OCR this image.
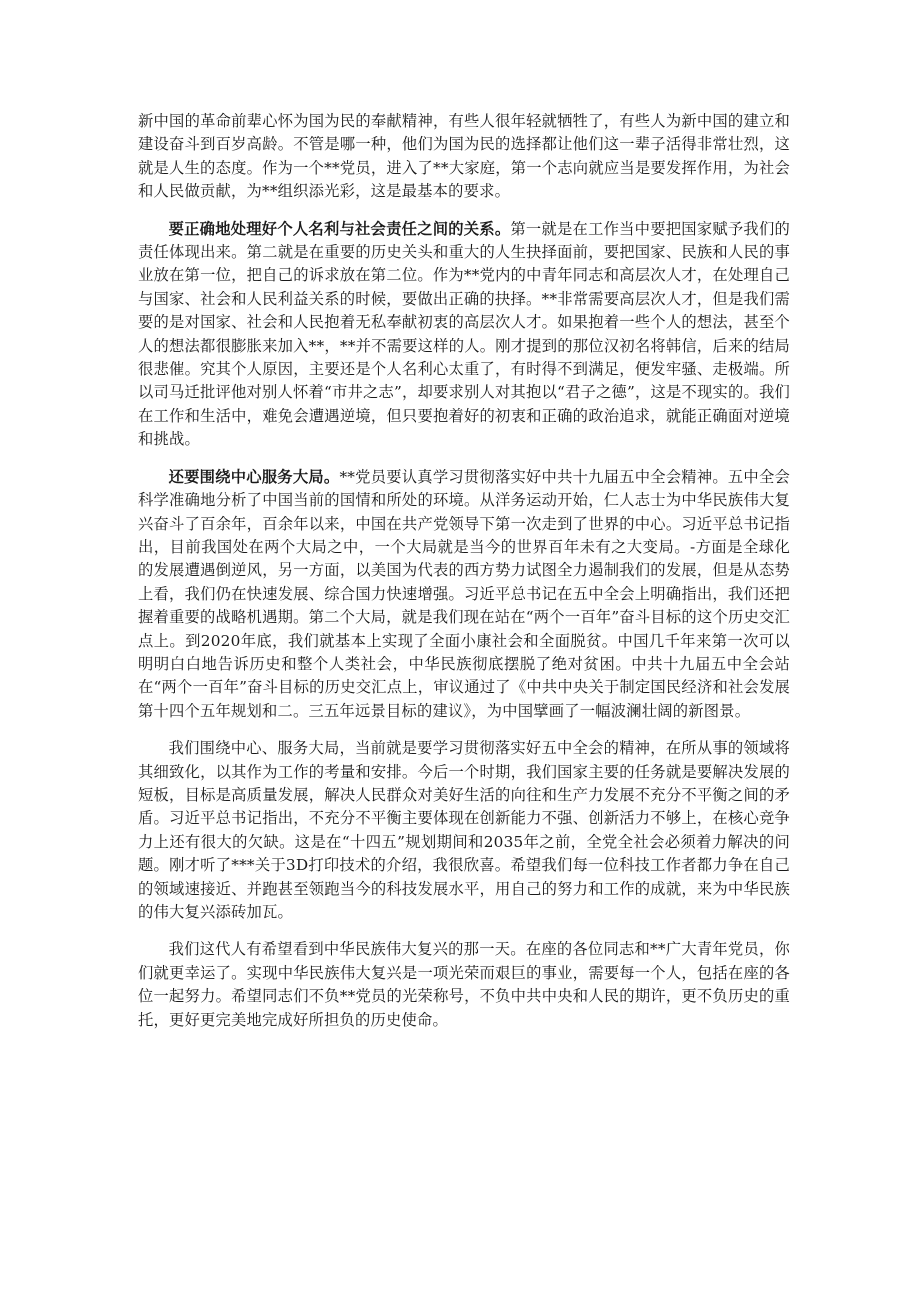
新中国的革命前辈心怀为国为民的奉献精神，有些人很年轻就牺牲了，有些人为新中国的建立和建设奋斗到百岁高龄。不管是哪一种，他们为国为民的选择都让他们这一辈子活得非常壮烈，这就是人生的态度。作为一个**党员，进入了**大家庭，第一个志向就应当是要发挥作用，为社会和人民做贡献，为**组织添光彩，这是最基本的要求。

要正确地处理好个人名利与社会责任之间的关系。第一就是在工作当中要把国家赋予我们的责任体现出来。第二就是在重要的历史关头和重大的人生抉择面前，要把国家、民族和人民的事业放在第一位，把自己的诉求放在第二位。作为**党内的中青年同志和高层次人才，在处理自己与国家、社会和人民利益关系的时候，要做出正确的抉择。**非常需要高层次人才，但是我们需要的是对国家、社会和人民抱着无私奉献初衷的高层次人才。如果抱着一些个人的想法，甚至个人的想法都很膨胀来加入**，**并不需要这样的人。刚才提到的那位汉初名将韩信，后来的结局很悲催。究其个人原因，主要还是个人名利心太重了，有时得不到满足，便发牢骚、走极端。所以司马迁批评他对别人怀着“市井之志”，却要求别人对其抱以“君子之德”，这是不现实的。我们在工作和生活中，难免会遭遇逆境，但只要抱着好的初衷和正确的政治追求，就能正确面对逆境和挑战。

还要围绕中心服务大局。**党员要认真学习贯彻落实好中共十九届五中全会精神。五中全会科学准确地分析了中国当前的国情和所处的环境。从洋务运动开始，仁人志士为中华民族伟大复兴奋斗了百余年，百余年以来，中国在共产党领导下第一次走到了世界的中心。习近平总书记指出，目前我国处在两个大局之中，一个大局就是当今的世界百年未有之大变局。-方面是全球化的发展遭遇倒逆风，另一方面，以美国为代表的西方势力试图全力遏制我们的发展，但是从态势上看，我们仍在快速发展、综合国力快速增强。习近平总书记在五中全会上明确指出，我们还把握着重要的战略机遇期。第二个大局，就是我们现在站在“两个一百年”奋斗目标的这个历史交汇点上。到2020年底，我们就基本上实现了全面小康社会和全面脱贫。中国几千年来第一次可以明明白白地告诉历史和整个人类社会，中华民族彻底摆脱了绝对贫困。中共十九届五中全会站在“两个一百年”奋斗目标的历史交汇点上，审议通过了《中共中央关于制定国民经济和社会发展第十四个五年规划和二。三五年远景目标的建议》，为中国擘画了一幅波澜壮阔的新图景。

我们围绕中心、服务大局，当前就是要学习贯彻落实好五中全会的精神，在所从事的领域将其细致化，以其作为工作的考量和安排。今后一个时期，我们国家主要的任务就是要解决发展的短板，目标是高质量发展，解决人民群众对美好生活的向往和生产力发展不充分不平衡之间的矛盾。习近平总书记指出，不充分不平衡主要体现在创新能力不强、创新活力不够上，在核心竞争力上还有很大的欠缺。这是在“十四五”规划期间和2035年之前，全党全社会必须着力解决的问题。刚才听了***关于3D打印技术的介绍，我很欣喜。希望我们每一位科技工作者都力争在自己的领域速接近、并跑甚至领跑当今的科技发展水平，用自己的努力和工作的成就，来为中华民族的伟大复兴添砖加瓦。

我们这代人有希望看到中华民族伟大复兴的那一天。在座的各位同志和**广大青年党员，你们就更幸运了。实现中华民族伟大复兴是一项光荣而艰巨的事业，需要每一个人，包括在座的各位一起努力。希望同志们不负**党员的光荣称号，不负中共中央和人民的期许，更不负历史的重托，更好更完美地完成好所担负的历史使命。
